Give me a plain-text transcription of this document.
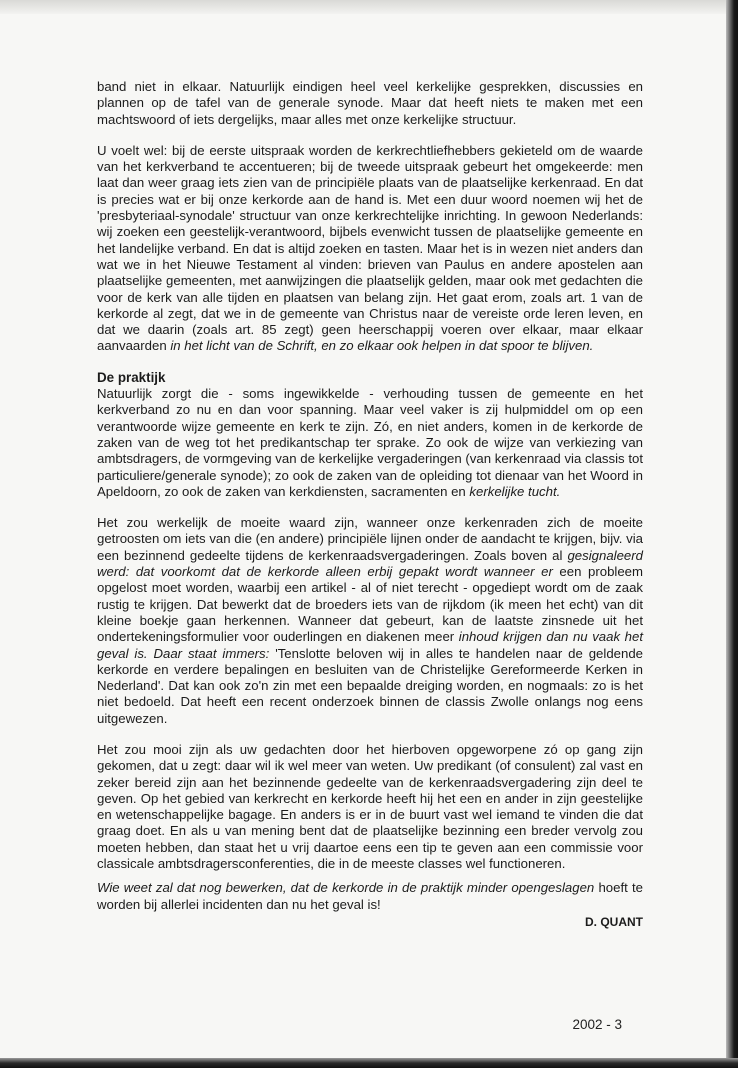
band niet in elkaar. Natuurlijk eindigen heel veel kerkelijke gesprekken, discussies en plannen op de tafel van de generale synode. Maar dat heeft niets te maken met een machtswoord of iets dergelijks, maar alles met onze kerkelijke structuur.

U voelt wel: bij de eerste uitspraak worden de kerkrechtliefhebbers gekieteld om de waarde van het kerkverband te accentueren; bij de tweede uitspraak gebeurt het omgekeerde: men laat dan weer graag iets zien van de principiële plaats van de plaatselijke kerkenraad. En dat is precies wat er bij onze kerkorde aan de hand is. Met een duur woord noemen wij het de 'presbyteriaal-synodale' structuur van onze kerkrechtelijke inrichting. In gewoon Nederlands: wij zoeken een geestelijk-verantwoord, bijbels evenwicht tussen de plaatselijke gemeente en het landelijke verband. En dat is altijd zoeken en tasten. Maar het is in wezen niet anders dan wat we in het Nieuwe Testament al vinden: brieven van Paulus en andere apostelen aan plaatselijke gemeenten, met aanwijzingen die plaatselijk gelden, maar ook met gedachten die voor de kerk van alle tijden en plaatsen van belang zijn. Het gaat erom, zoals art. 1 van de kerkorde al zegt, dat we in de gemeente van Christus naar de vereiste orde leren leven, en dat we daarin (zoals art. 85 zegt) geen heerschappij voeren over elkaar, maar elkaar aanvaarden in het licht van de Schrift, en zo elkaar ook helpen in dat spoor te blijven.

De praktijk

Natuurlijk zorgt die - soms ingewikkelde - verhouding tussen de gemeente en het kerkverband zo nu en dan voor spanning. Maar veel vaker is zij hulpmiddel om op een verantwoorde wijze gemeente en kerk te zijn. Zó, en niet anders, komen in de kerkorde de zaken van de weg tot het predikantschap ter sprake. Zo ook de wijze van verkiezing van ambtsdragers, de vormgeving van de kerkelijke vergaderingen (van kerkenraad via classis tot particuliere/generale synode); zo ook de zaken van de opleiding tot dienaar van het Woord in Apeldoorn, zo ook de zaken van kerkdiensten, sacramenten en kerkelijke tucht.

Het zou werkelijk de moeite waard zijn, wanneer onze kerkenraden zich de moeite getroosten om iets van die (en andere) principiële lijnen onder de aandacht te krijgen, bijv. via een bezinnend gedeelte tijdens de kerkenraadsvergaderingen. Zoals boven al gesignaleerd werd: dat voorkomt dat de kerkorde alleen erbij gepakt wordt wanneer er een probleem opgelost moet worden, waarbij een artikel - al of niet terecht - opgediept wordt om de zaak rustig te krijgen. Dat bewerkt dat de broeders iets van de rijkdom (ik meen het echt) van dit kleine boekje gaan herkennen. Wanneer dat gebeurt, kan de laatste zinsnede uit het ondertekeningsformulier voor ouderlingen en diakenen meer inhoud krijgen dan nu vaak het geval is. Daar staat immers: 'Tenslotte beloven wij in alles te handelen naar de geldende kerkorde en verdere bepalingen en besluiten van de Christelijke Gereformeerde Kerken in Nederland'. Dat kan ook zo'n zin met een bepaalde dreiging worden, en nogmaals: zo is het niet bedoeld. Dat heeft een recent onderzoek binnen de classis Zwolle onlangs nog eens uitgewezen.

Het zou mooi zijn als uw gedachten door het hierboven opgeworpene zó op gang zijn gekomen, dat u zegt: daar wil ik wel meer van weten. Uw predikant (of consulent) zal vast en zeker bereid zijn aan het bezinnende gedeelte van de kerkenraadsvergadering zijn deel te geven. Op het gebied van kerkrecht en kerkorde heeft hij het een en ander in zijn geestelijke en wetenschappelijke bagage. En anders is er in de buurt vast wel iemand te vinden die dat graag doet. En als u van mening bent dat de plaatselijke bezinning een breder vervolg zou moeten hebben, dan staat het u vrij daartoe eens een tip te geven aan een commissie voor classicale ambtsdragersconferenties, die in de meeste classes wel functioneren.

Wie weet zal dat nog bewerken, dat de kerkorde in de praktijk minder opengeslagen hoeft te worden bij allerlei incidenten dan nu het geval is!

D. QUANT
2002 - 3
